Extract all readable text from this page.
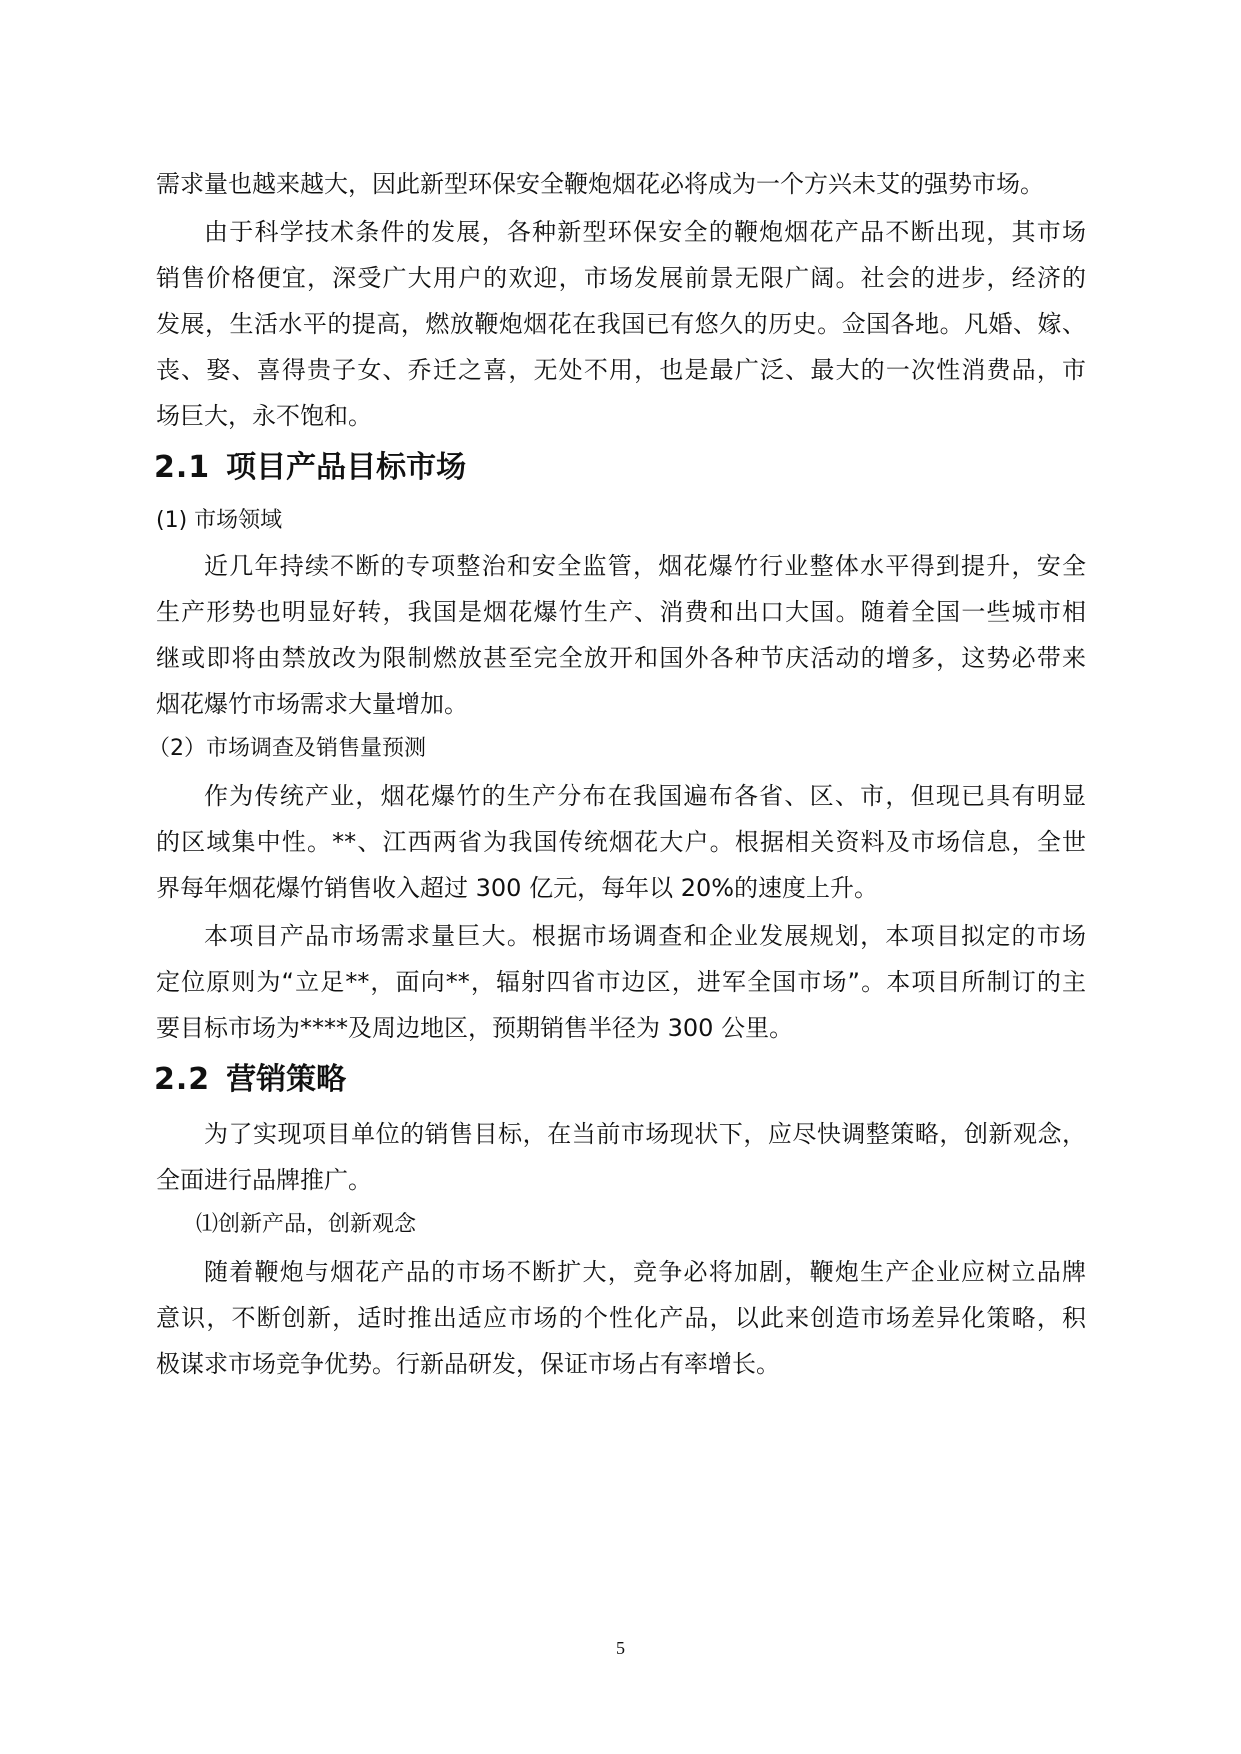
需求量也越来越大，因此新型环保安全鞭炮烟花必将成为一个方兴未艾的强势市场。
由于科学技术条件的发展，各种新型环保安全的鞭炮烟花产品不断出现，其市场
销售价格便宜，深受广大用户的欢迎，市场发展前景无限广阔。社会的进步，经济的
发展，生活水平的提高，燃放鞭炮烟花在我国已有悠久的历史。佥国各地。凡婚、嫁、
丧、娶、喜得贵子女、乔迁之喜，无处不用，也是最广泛、最大的一次性消费品，市
场巨大，永不饱和。
2.1 项目产品目标市场
(1) 市场领域
近几年持续不断的专项整治和安全监管，烟花爆竹行业整体水平得到提升，安全
生产形势也明显好转，我国是烟花爆竹生产、消费和出口大国。随着全国一些城市相
继或即将由禁放改为限制燃放甚至完全放开和国外各种节庆活动的增多，这势必带来
烟花爆竹市场需求大量增加。
（2）市场调查及销售量预测
作为传统产业，烟花爆竹的生产分布在我国遍布各省、区、市，但现已具有明显
的区域集中性。**、江西两省为我国传统烟花大户。根据相关资料及市场信息，全世
界每年烟花爆竹销售收入超过 300 亿元，每年以 20%的速度上升。
本项目产品市场需求量巨大。根据市场调查和企业发展规划，本项目拟定的市场
定位原则为“立足**，面向**，辐射四省市边区，进军全国市场”。本项目所制订的主
要目标市场为****及周边地区，预期销售半径为 300 公里。
2.2 营销策略
为了实现项目单位的销售目标，在当前市场现状下，应尽快调整策略，创新观念，
全面进行品牌推广。
⑴创新产品，创新观念
随着鞭炮与烟花产品的市场不断扩大，竞争必将加剧，鞭炮生产企业应树立品牌
意识，不断创新，适时推出适应市场的个性化产品，以此来创造市场差异化策略，积
极谋求市场竞争优势。行新品研发，保证市场占有率增长。
5
